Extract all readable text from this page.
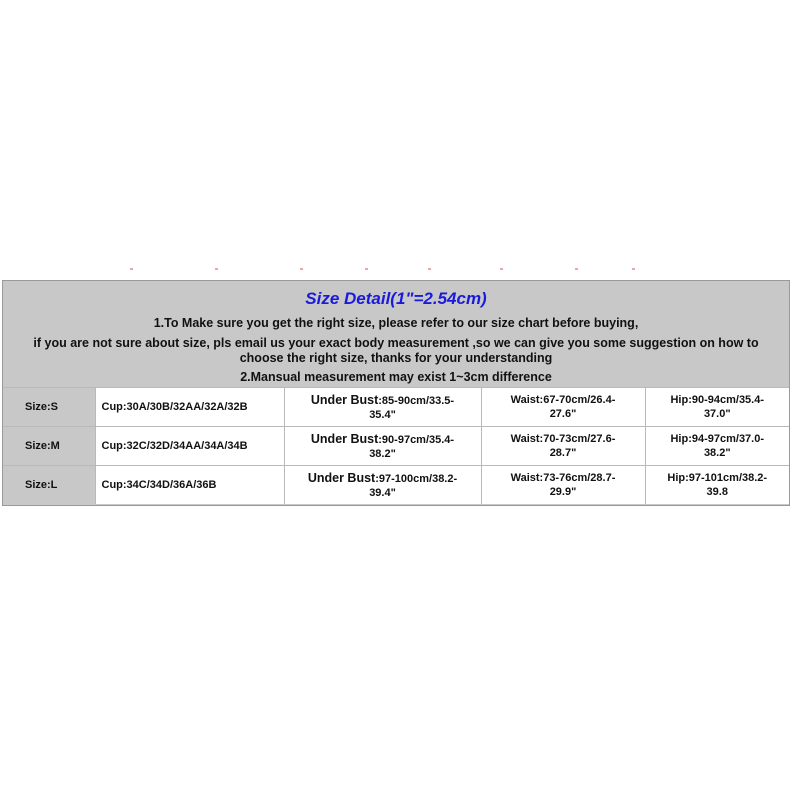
Size Detail(1"=2.54cm)
1.To Make sure you get the right size, please refer to our size chart before buying,
if you are not sure about size, pls email us your exact body measurement ,so we can give you some suggestion on how to choose the right size, thanks for your understanding
2.Mansual measurement may exist 1~3cm difference
Size:S	Cup:30A/30B/32AA/32A/32B	Under Bust:85-90cm/33.5-
35.4"	Waist:67-70cm/26.4-
27.6"	Hip:90-94cm/35.4-
37.0"
Size:M	Cup:32C/32D/34AA/34A/34B	Under Bust:90-97cm/35.4-
38.2"	Waist:70-73cm/27.6-
28.7"	Hip:94-97cm/37.0-
38.2"
Size:L	Cup:34C/34D/36A/36B	Under Bust:97-100cm/38.2-
39.4"	Waist:73-76cm/28.7-
29.9"	Hip:97-101cm/38.2-
39.8
